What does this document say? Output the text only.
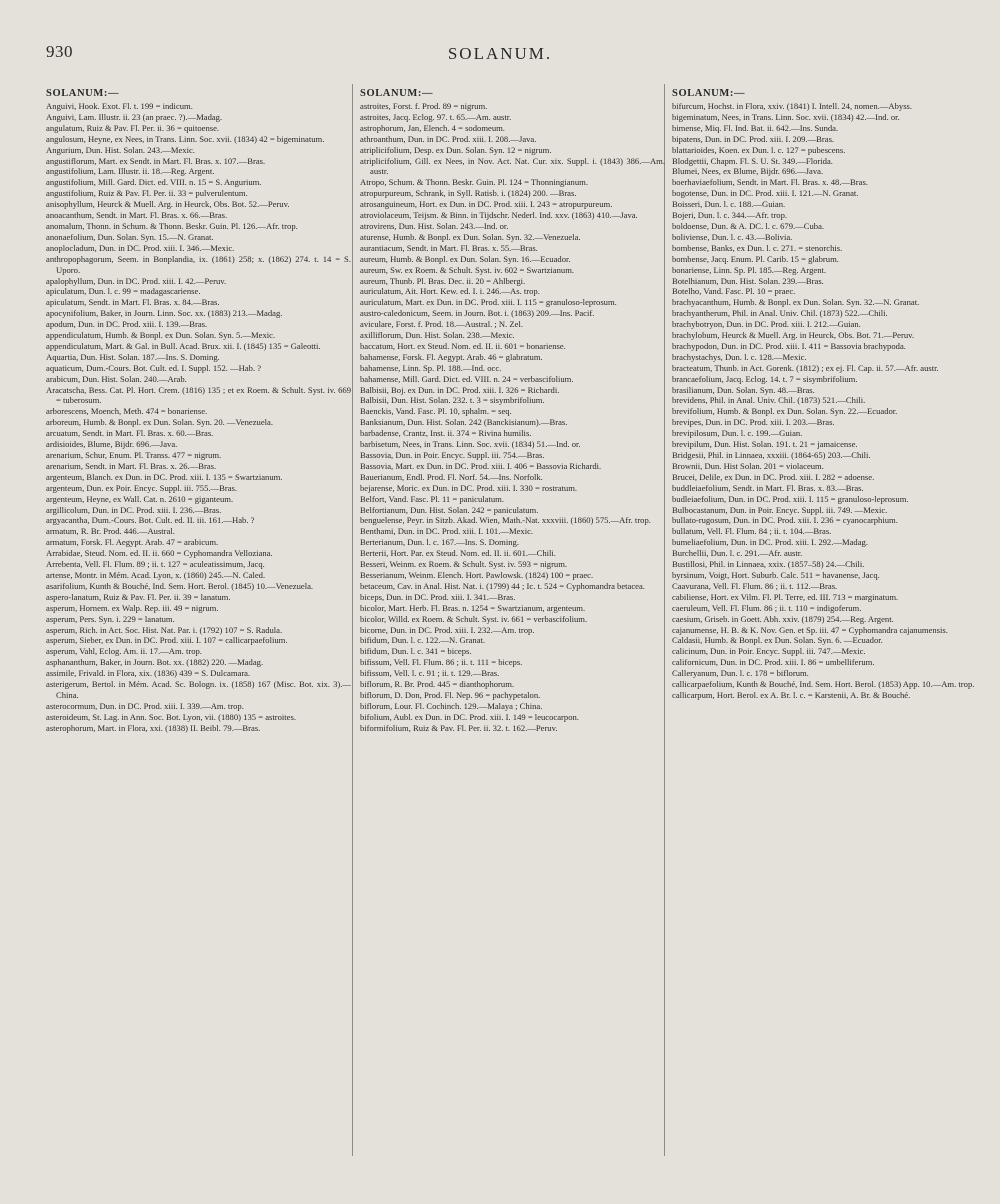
930	SOLANUM.
SOLANUM:—

Anguivi, Hook. Exot. Fl. t. 199 = indicum.

Anguivi, Lam. Illustr. ii. 23 (an praec. ?).—Madag.

angulatum, Ruiz & Pav. Fl. Per. ii. 36 = quitoense.

angulosum, Heyne, ex Nees, in Trans. Linn. Soc. xvii. (1834) 42 = bigeminatum.

Angurium, Dun. Hist. Solan. 243.—Mexic.

angustiflorum, Mart. ex Sendt. in Mart. Fl. Bras. x. 107.—Bras.

angustifolium, Lam. Illustr. ii. 18.—Reg. Argent.

angustifolium, Mill. Gard. Dict. ed. VIII. n. 15 = S. Angurium.

angustifolium, Ruiz & Pav. Fl. Per. ii. 33 = pulverulentum.

anisophyllum, Heurck & Muell. Arg. in Heurck, Obs. Bot. 52.—Peruv.

anoacanthum, Sendt. in Mart. Fl. Bras. x. 66.—Bras.

anomalum, Thonn. in Schum. & Thonn. Beskr. Guin. Pl. 126.—Afr. trop.

anonaefolium, Dun. Solan. Syn. 15.—N. Granat.

anoplocladum, Dun. in DC. Prod. xiii. I. 346.—Mexic.

anthropophagorum, Seem. in Bonplandia, ix. (1861) 258; x. (1862) 274. t. 14 = S. Uporo.

apalophyllum, Dun. in DC. Prod. xiii. I. 42.—Peruv.

apiculatum, Dun. l. c. 99 = madagascariense.

apiculatum, Sendt. in Mart. Fl. Bras. x. 84.—Bras.

apocynifolium, Baker, in Journ. Linn. Soc. xx. (1883) 213.—Madag.

apodum, Dun. in DC. Prod. xiii. I. 139.—Bras.

appendiculatum, Humb. & Bonpl. ex Dun. Solan. Syn. 5.—Mexic.

appendiculatum, Mart. & Gal. in Bull. Acad. Brux. xii. I. (1845) 135 = Galeotti.

Aquartia, Dun. Hist. Solan. 187.—Ins. S. Doming.

aquaticum, Dum.-Cours. Bot. Cult. ed. I. Suppl. 152. —Hab. ?

arabicum, Dun. Hist. Solan. 240.—Arab.

Aracatscha, Bess. Cat. Pl. Hort. Crem. (1816) 135 ; et ex Roem. & Schult. Syst. iv. 669 = tuberosum.

arborescens, Moench, Meth. 474 = bonariense.

arboreum, Humb. & Bonpl. ex Dun. Solan. Syn. 20. —Venezuela.

arcuatum, Sendt. in Mart. Fl. Bras. x. 60.—Bras.

ardisioides, Blume, Bijdr. 696.—Java.

arenarium, Schur, Enum. Pl. Transs. 477 = nigrum.

arenarium, Sendt. in Mart. Fl. Bras. x. 26.—Bras.

argenteum, Blanch. ex Dun. in DC. Prod. xiii. I. 135 = Swartzianum.

argenteum, Dun. ex Poir. Encyc. Suppl. iii. 755.—Bras.

argenteum, Heyne, ex Wall. Cat. n. 2610 = giganteum.

argillicolum, Dun. in DC. Prod. xiii. I. 236.—Bras.

argyacantha, Dum.-Cours. Bot. Cult. ed. II. iii. 161.—Hab. ?

armatum, R. Br. Prod. 446.—Austral.

armatum, Forsk. Fl. Aegypt. Arab. 47 = arabicum.

Arrabidae, Steud. Nom. ed. II. ii. 660 = Cyphomandra Velloziana.

Arrebenta, Vell. Fl. Flum. 89 ; ii. t. 127 = aculeatissimum, Jacq.

artense, Montr. in Mém. Acad. Lyon, x. (1860) 245.—N. Caled.

asarifolium, Kunth & Bouché, Ind. Sem. Hort. Berol. (1845) 10.—Venezuela.

aspero-lanatum, Ruiz & Pav. Fl. Per. ii. 39 = lanatum.

asperum, Hornem. ex Walp. Rep. iii. 49 = nigrum.

asperum, Pers. Syn. i. 229 = lanatum.

asperum, Rich. in Act. Soc. Hist. Nat. Par. i. (1792) 107 = S. Radula.

asperum, Sieber, ex Dun. in DC. Prod. xiii. I. 107 = callicarpaefolium.

asperum, Vahl, Eclog. Am. ii. 17.—Am. trop.

asphananthum, Baker, in Journ. Bot. xx. (1882) 220. —Madag.

assimile, Frivald. in Flora, xix. (1836) 439 = S. Dulcamara.

asterigerum, Bertol. in Mém. Acad. Sc. Bologn. ix. (1858) 167 (Misc. Bot. xix. 3).—China.

asterocormum, Dun. in DC. Prod. xiii. I. 339.—Am. trop.

asteroideum, St. Lag. in Ann. Soc. Bot. Lyon, vii. (1880) 135 = astroites.

asterophorum, Mart. in Flora, xxi. (1838) II. Beibl. 79.—Bras.

SOLANUM:—

astroites, Forst. f. Prod. 89 = nigrum.

astroites, Jacq. Eclog. 97. t. 65.—Am. austr.

astrophorum, Jan, Elench. 4 = sodomeum.

athroanthum, Dun. in DC. Prod. xiii. I. 208.—Java.

atriplicifolium, Desp. ex Dun. Solan. Syn. 12 = nigrum.

atriplicifolium, Gill. ex Nees, in Nov. Act. Nat. Cur. xix. Suppl. i. (1843) 386.—Am. austr.

Atropo, Schum. & Thonn. Beskr. Guin. Pl. 124 = Thonningianum.

atropurpureum, Schrank, in Syll. Ratisb. i. (1824) 200. —Bras.

atrosanguineum, Hort. ex Dun. in DC. Prod. xiii. I. 243 = atropurpureum.

atroviolaceum, Teijsm. & Binn. in Tijdschr. Nederl. Ind. xxv. (1863) 410.—Java.

atrovirens, Dun. Hist. Solan. 243.—Ind. or.

aturense, Humb. & Bonpl. ex Dun. Solan. Syn. 32.—Venezuela.

aurantiacum, Sendt. in Mart. Fl. Bras. x. 55.—Bras.

aureum, Humb. & Bonpl. ex Dun. Solan. Syn. 16.—Ecuador.

aureum, Sw. ex Roem. & Schult. Syst. iv. 602 = Swartzianum.

aureum, Thunb. Pl. Bras. Dec. ii. 20 = Ahlbergi.

auriculatum, Ait. Hort. Kew. ed. I. i. 246.—As. trop.

auriculatum, Mart. ex Dun. in DC. Prod. xiii. I. 115 = granuloso-leprosum.

austro-caledonicum, Seem. in Journ. Bot. i. (1863) 209.—Ins. Pacif.

aviculare, Forst. f. Prod. 18.—Austral. ; N. Zel.

axilliflorum, Dun. Hist. Solan. 238.—Mexic.

baccatum, Hort. ex Steud. Nom. ed. II. ii. 601 = bonariense.

bahamense, Forsk. Fl. Aegypt. Arab. 46 = glabratum.

bahamense, Linn. Sp. Pl. 188.—Ind. occ.

bahamense, Mill. Gard. Dict. ed. VIII. n. 24 = verbascifolium.

Balbisii, Boj. ex Dun. in DC. Prod. xiii. I. 326 = Richardi.

Balbisii, Dun. Hist. Solan. 232. t. 3 = sisymbrifolium.

Baenckis, Vand. Fasc. Pl. 10, sphalm. = seq.

Banksianum, Dun. Hist. Solan. 242 (Banckisianum).—Bras.

barbadense, Crantz, Inst. ii. 374 = Rivina humilis.

barbisetum, Nees, in Trans. Linn. Soc. xvii. (1834) 51.—Ind. or.

Bassovia, Dun. in Poir. Encyc. Suppl. iii. 754.—Bras.

Bassovia, Mart. ex Dun. in DC. Prod. xiii. I. 406 = Bassovia Richardi.

Bauerianum, Endl. Prod. Fl. Norf. 54.—Ins. Norfolk.

bejarense, Moric. ex Dun. in DC. Prod. xiii. I. 330 = rostratum.

Belfort, Vand. Fasc. Pl. 11 = paniculatum.

Belfortianum, Dun. Hist. Solan. 242 = paniculatum.

benguelense, Peyr. in Sitzb. Akad. Wien, Math.-Nat. xxxviii. (1860) 575.—Afr. trop.

Benthami, Dun. in DC. Prod. xiii. I. 101.—Mexic.

Berterianum, Dun. l. c. 167.—Ins. S. Doming.

Berterii, Hort. Par. ex Steud. Nom. ed. II. ii. 601.—Chili.

Besseri, Weinm. ex Roem. & Schult. Syst. iv. 593 = nigrum.

Besserianum, Weinm. Elench. Hort. Pawlowsk. (1824) 100 = praec.

betaceum, Cav. in Anal. Hist. Nat. i. (1799) 44 ; Ic. t. 524 = Cyphomandra betacea.

biceps, Dun. in DC. Prod. xiii. I. 341.—Bras.

bicolor, Mart. Herb. Fl. Bras. n. 1254 = Swartzianum, argenteum.

bicolor, Willd. ex Roem. & Schult. Syst. iv. 661 = verbascifolium.

bicorne, Dun. in DC. Prod. xiii. I. 232.—Am. trop.

bifidum, Dun. l. c. 122.—N. Granat.

bifidum, Dun. l. c. 341 = biceps.

bifissum, Vell. Fl. Flum. 86 ; ii. t. 111 = biceps.

bifissum, Vell. l. c. 91 ; ii. t. 129.—Bras.

biflorum, R. Br. Prod. 445 = dianthophorum.

biflorum, D. Don, Prod. Fl. Nep. 96 = pachypetalon.

biflorum, Lour. Fl. Cochinch. 129.—Malaya ; China.

bifolium, Aubl. ex Dun. in DC. Prod. xiii. I. 149 = leucocarpon.

biformifolium, Ruiz & Pav. Fl. Per. ii. 32. t. 162.—Peruv.

SOLANUM:—

bifurcum, Hochst. in Flora, xxiv. (1841) I. Intell. 24, nomen.—Abyss.

bigeminatum, Nees, in Trans. Linn. Soc. xvii. (1834) 42.—Ind. or.

bimense, Miq. Fl. Ind. Bat. ii. 642.—Ins. Sunda.

bipatens, Dun. in DC. Prod. xiii. I. 209.—Bras.

blattarioides, Koen. ex Dun. l. c. 127 = pubescens.

Blodgettii, Chapm. Fl. S. U. St. 349.—Florida.

Blumei, Nees, ex Blume, Bijdr. 696.—Java.

boerhaviaefolium, Sendt. in Mart. Fl. Bras. x. 48.—Bras.

bogotense, Dun. in DC. Prod. xiii. I. 121.—N. Granat.

Boisseri, Dun. l. c. 188.—Guian.

Bojeri, Dun. l. c. 344.—Afr. trop.

boldoense, Dun. & A. DC. l. c. 679.—Cuba.

boliviense, Dun. l. c. 43.—Bolivia.

bombense, Banks, ex Dun. l. c. 271. = stenorchis.

bombense, Jacq. Enum. Pl. Carib. 15 = glabrum.

bonariense, Linn. Sp. Pl. 185.—Reg. Argent.

Botelhianum, Dun. Hist. Solan. 239.—Bras.

Botelho, Vand. Fasc. Pl. 10 = praec.

brachyacanthum, Humb. & Bonpl. ex Dun. Solan. Syn. 32.—N. Granat.

brachyantherum, Phil. in Anal. Univ. Chil. (1873) 522.—Chili.

brachybotryon, Dun. in DC. Prod. xiii. I. 212.—Guian.

brachylobum, Heurck & Muell. Arg. in Heurck, Obs. Bot. 71.—Peruv.

brachypodon, Dun. in DC. Prod. xiii. I. 411 = Bassovia brachypoda.

brachystachys, Dun. l. c. 128.—Mexic.

bracteatum, Thunb. in Act. Gorenk. (1812) ; ex ej. Fl. Cap. ii. 57.—Afr. austr.

brancaefolium, Jacq. Eclog. 14. t. 7 = sisymbrifolium.

brasilianum, Dun. Solan. Syn. 48.—Bras.

brevidens, Phil. in Anal. Univ. Chil. (1873) 521.—Chili.

brevifolium, Humb. & Bonpl. ex Dun. Solan. Syn. 22.—Ecuador.

brevipes, Dun. in DC. Prod. xiii. I. 203.—Bras.

brevipilosum, Dun. l. c. 199.—Guian.

brevipilum, Dun. Hist. Solan. 191. t. 21 = jamaicense.

Bridgesii, Phil. in Linnaea, xxxiii. (1864-65) 203.—Chili.

Brownii, Dun. Hist Solan. 201 = violaceum.

Brucei, Delile, ex Dun. in DC. Prod. xiii. I. 282 = adoense.

buddleiaefolium, Sendt. in Mart. Fl. Bras. x. 83.—Bras.

budleiaefolium, Dun. in DC. Prod. xiii. I. 115 = granuloso-leprosum.

Bulbocastanum, Dun. in Poir. Encyc. Suppl. iii. 749. —Mexic.

bullato-rugosum, Dun. in DC. Prod. xiii. I. 236 = cyanocarphium.

bullatum, Vell. Fl. Flum. 84 ; ii. t. 104.—Bras.

bumeliaefolium, Dun. in DC. Prod. xiii. I. 292.—Madag.

Burchellii, Dun. l. c. 291.—Afr. austr.

Bustillosi, Phil. in Linnaea, xxix. (1857–58) 24.—Chili.

byrsinum, Voigt, Hort. Suburb. Calc. 511 = havanense, Jacq.

Caavurana, Vell. Fl. Flum. 86 ; ii. t. 112.—Bras.

cabiliense, Hort. ex Vilm. Fl. Pl. Terre, ed. III. 713 = marginatum.

caeruleum, Vell. Fl. Flum. 86 ; ii. t. 110 = indigoferum.

caesium, Griseb. in Goett. Abh. xxiv. (1879) 254.—Reg. Argent.

cajanumense, H. B. & K. Nov. Gen. et Sp. iii. 47 = Cyphomandra cajanumensis.

Caldasii, Humb. & Bonpl. ex Dun. Solan. Syn. 6. —Ecuador.

calicinum, Dun. in Poir. Encyc. Suppl. iii. 747.—Mexic.

californicum, Dun. in DC. Prod. xiii. I. 86 = umbelliferum.

Calleryanum, Dun. l. c. 178 = biflorum.

callicarpaefolium, Kunth & Bouché, Ind. Sem. Hort. Berol. (1853) App. 10.—Am. trop.

callicarpum, Hort. Berol. ex A. Br. l. c. = Karstenii, A. Br. & Bouché.
